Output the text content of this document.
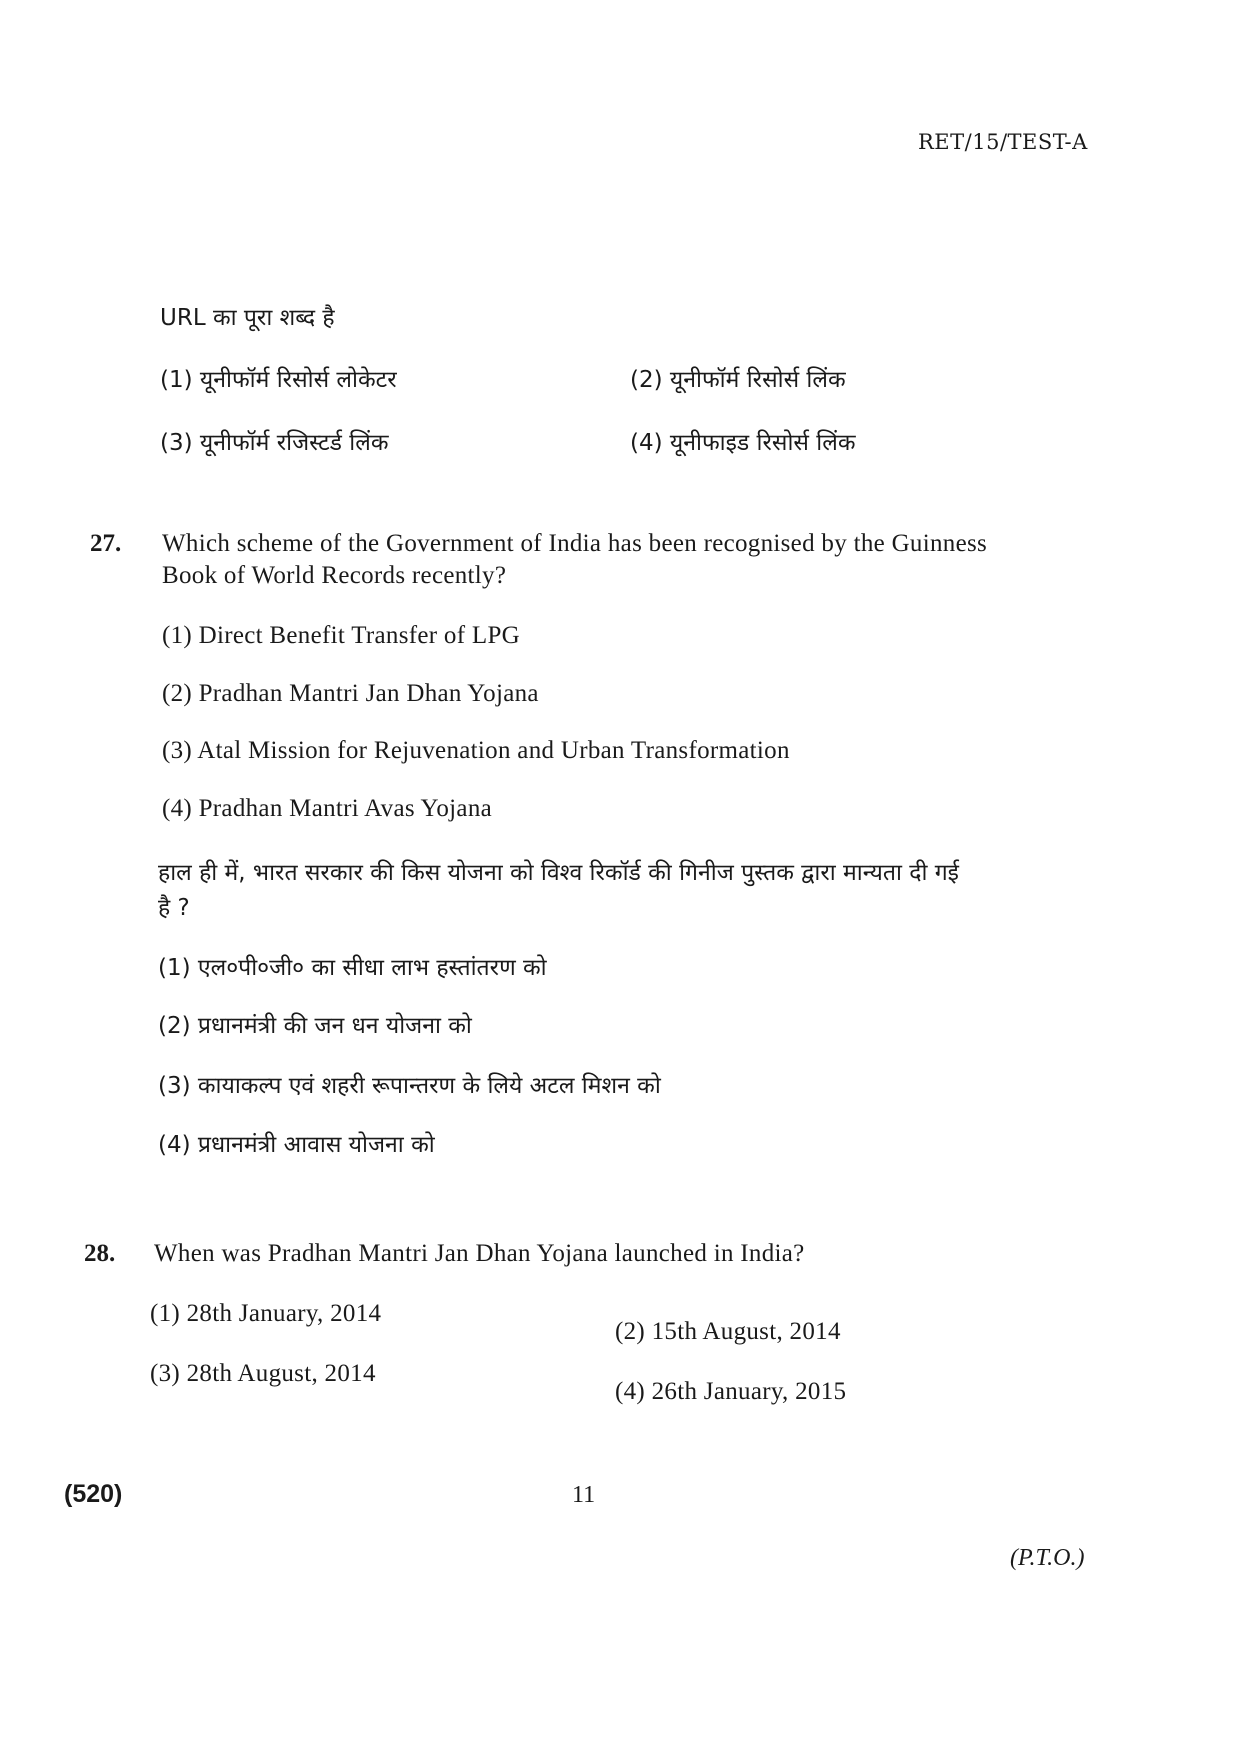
RET/15/TEST-A
URL का पूरा शब्द है
(1) यूनीफॉर्म रिसोर्स लोकेटर	(2) यूनीफॉर्म रिसोर्स लिंक
(3) यूनीफॉर्म रजिस्टर्ड लिंक	(4) यूनीफाइड रिसोर्स लिंक
27. Which scheme of the Government of India has been recognised by the Guinness
Book of World Records recently?
(1) Direct Benefit Transfer of LPG
(2) Pradhan Mantri Jan Dhan Yojana
(3) Atal Mission for Rejuvenation and Urban Transformation
(4) Pradhan Mantri Avas Yojana
हाल ही में, भारत सरकार की किस योजना को विश्व रिकॉर्ड की गिनीज पुस्तक द्वारा मान्यता दी गई
है ?
(1) एल०पी०जी० का सीधा लाभ हस्तांतरण को
(2) प्रधानमंत्री की जन धन योजना को
(3) कायाकल्प एवं शहरी रूपान्तरण के लिये अटल मिशन को
(4) प्रधानमंत्री आवास योजना को
28. When was Pradhan Mantri Jan Dhan Yojana launched in India?
(1) 28th January, 2014
(2) 15th August, 2014
(3) 28th August, 2014
(4) 26th January, 2015
(520)	11
(P.T.O.)
